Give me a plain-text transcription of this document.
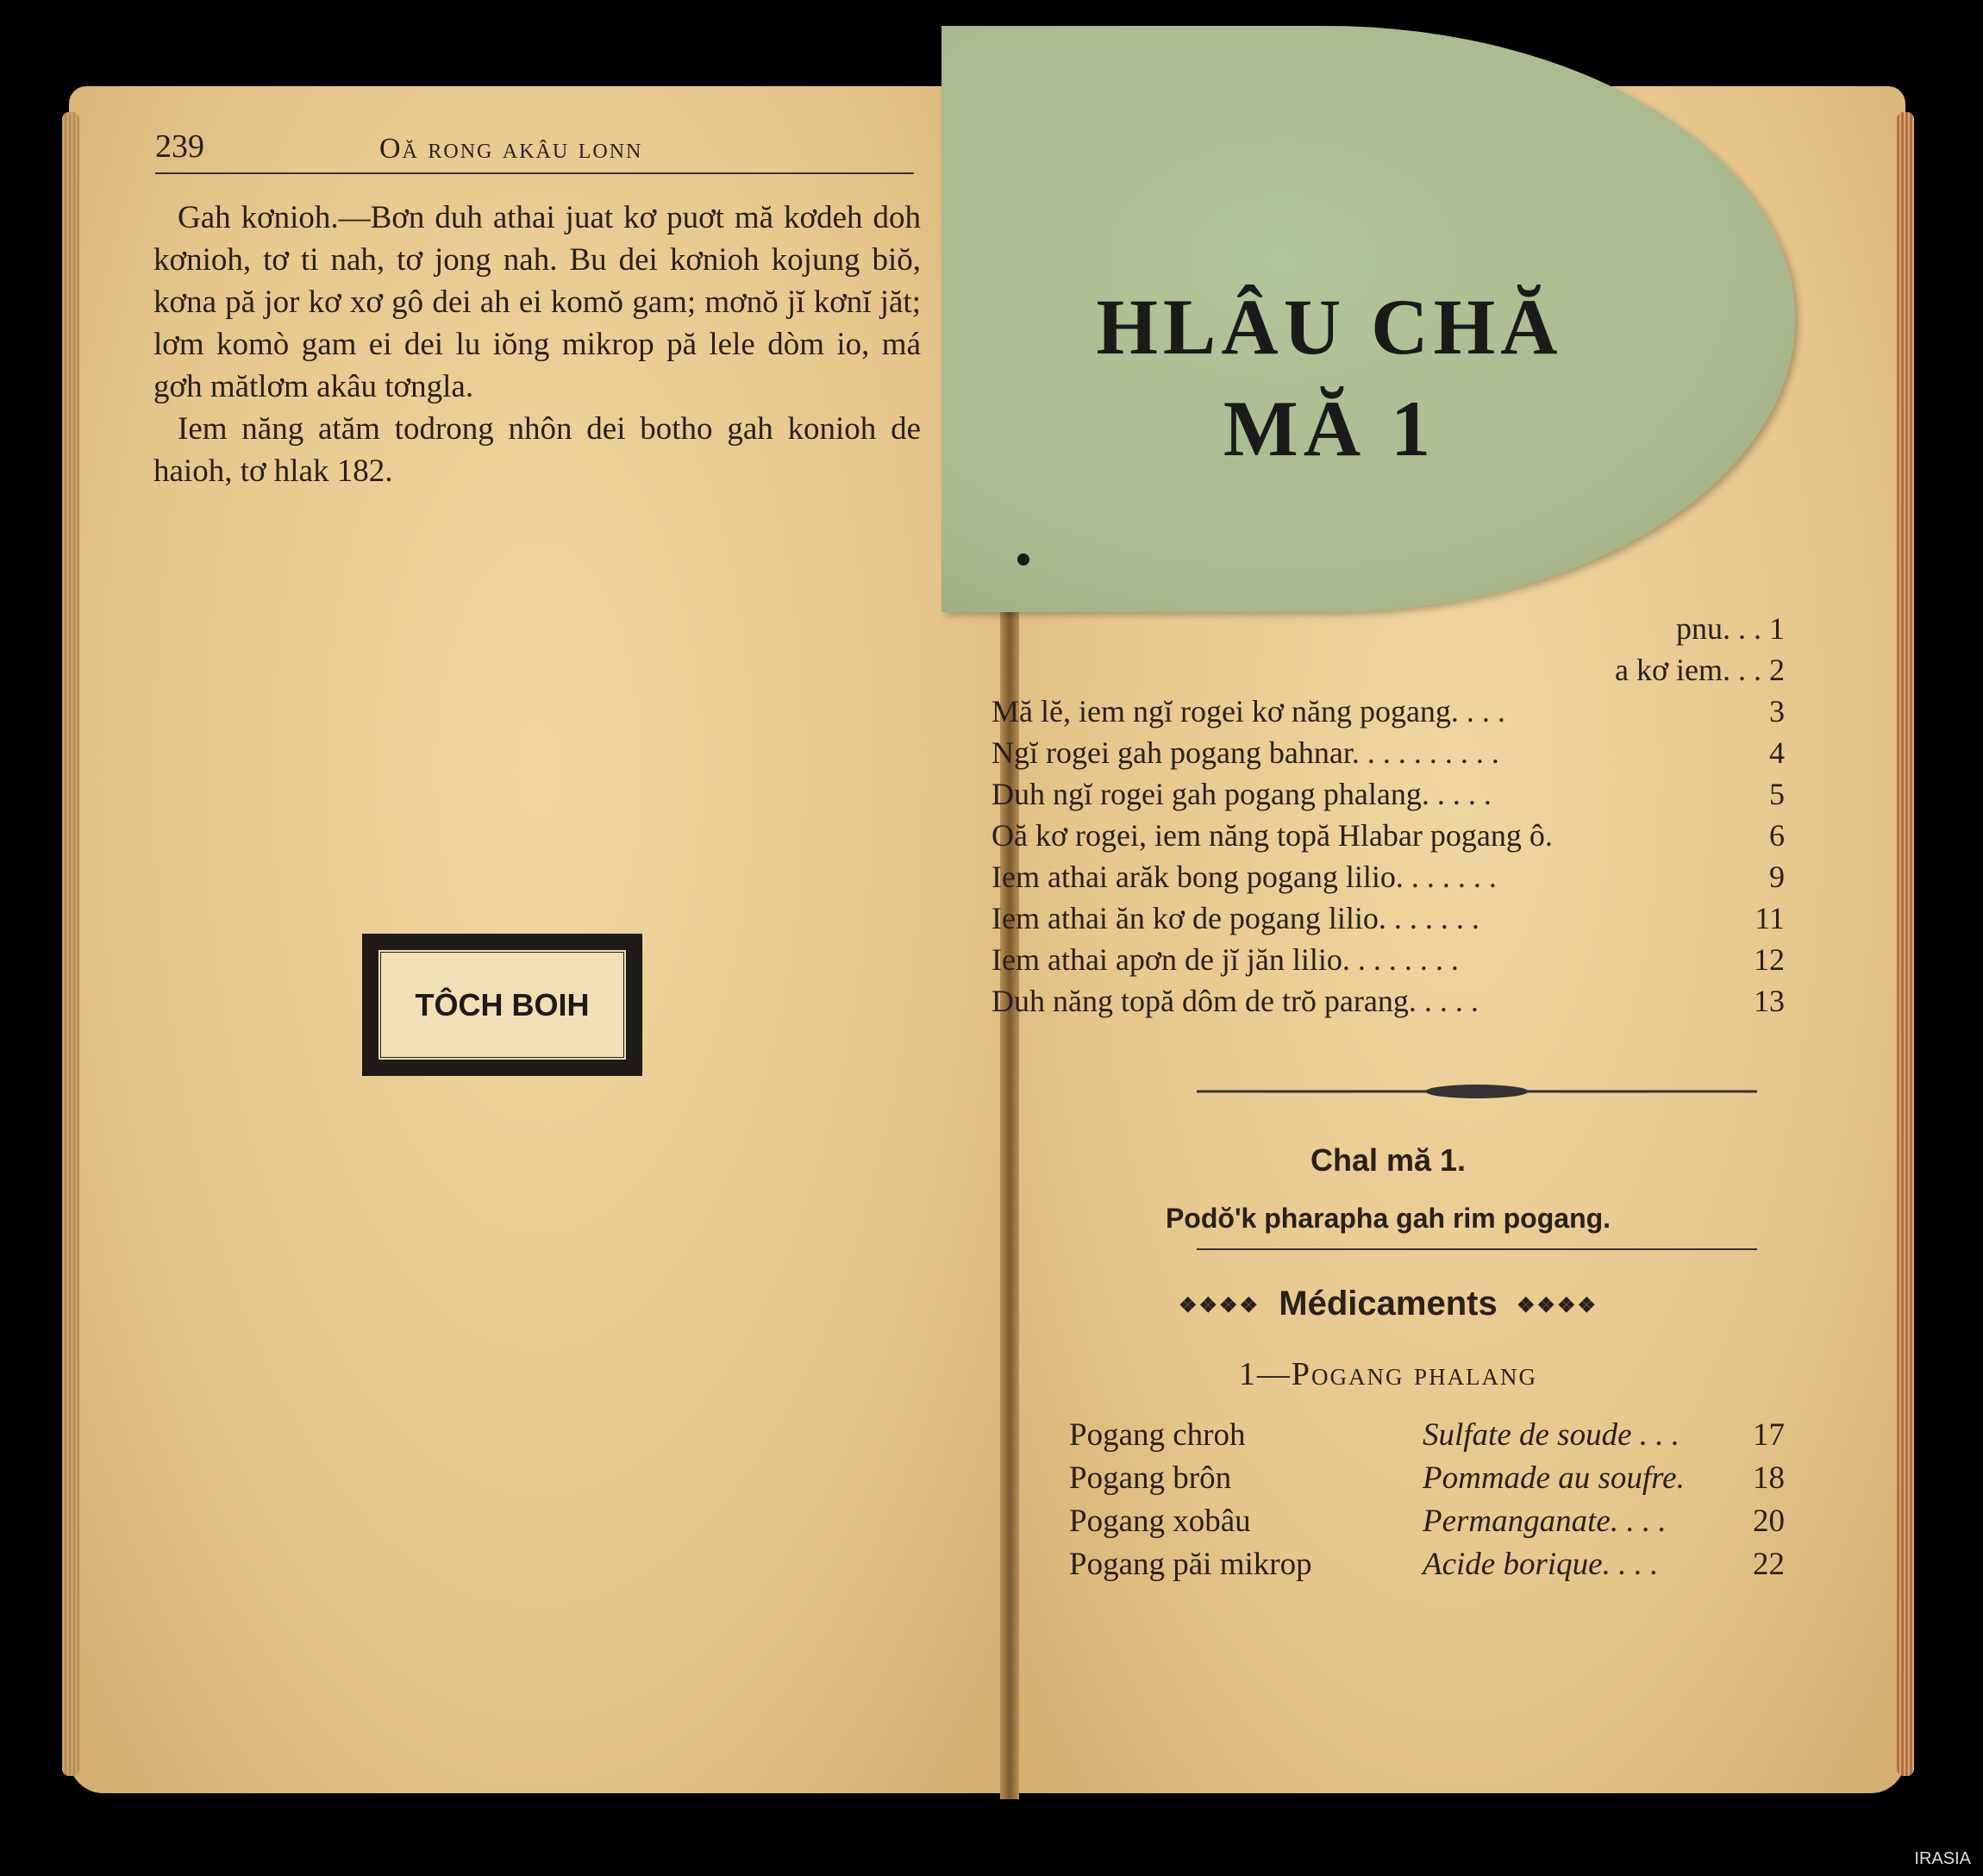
239	Oă rong akâu lonn

Gah kơnioh.—Bơn duh athai juat kơ puơt mă kơdeh doh kơnioh, tơ ti nah, tơ jong nah. Bu dei kơnioh kojung biŏ, kơna pă jor kơ xơ gô dei ah ei komŏ gam; mơnŏ jĭ kơnĭ jăt; lơm komò gam ei dei lu iŏng mikrop pă lele dòm io, má gơh mătlơm akâu tơngla.

Iem năng atăm todrong nhôn dei botho gah konioh de haioh, tơ hlak 182.

TÔCH BOIH
pnu. . . 1
a kơ iem. . . 2
Mă lĕ, iem ngĭ rogei kơ năng pogang. . . .	3
Ngĭ rogei gah pogang bahnar. . . . . . . . . .	4
Duh ngĭ rogei gah pogang phalang. . . . .	5
Oă kơ rogei, iem năng topă Hlabar pogang ô.	6
Iem athai arăk bong pogang lilio. . . . . . .	9
Iem athai ăn kơ de pogang lilio. . . . . . .	11
Iem athai apơn de jĭ jăn lilio. . . . . . . .	12
Duh năng topă dôm de trŏ parang. . . . .	13
HLÂU CHĂ
MĂ 1
Chal mă 1.
Podŏ'k pharapha gah rim pogang.
❖❖❖❖ Médicaments ❖❖❖❖
1—Pogang phalang
Pogang chroh	Sulfate de soude . . . 17
Pogang brôn	Pommade au soufre. 18
Pogang xobâu	Permanganate. . . .	20
Pogang păi mikrop	Acide borique. . . .	22
IRASIA
